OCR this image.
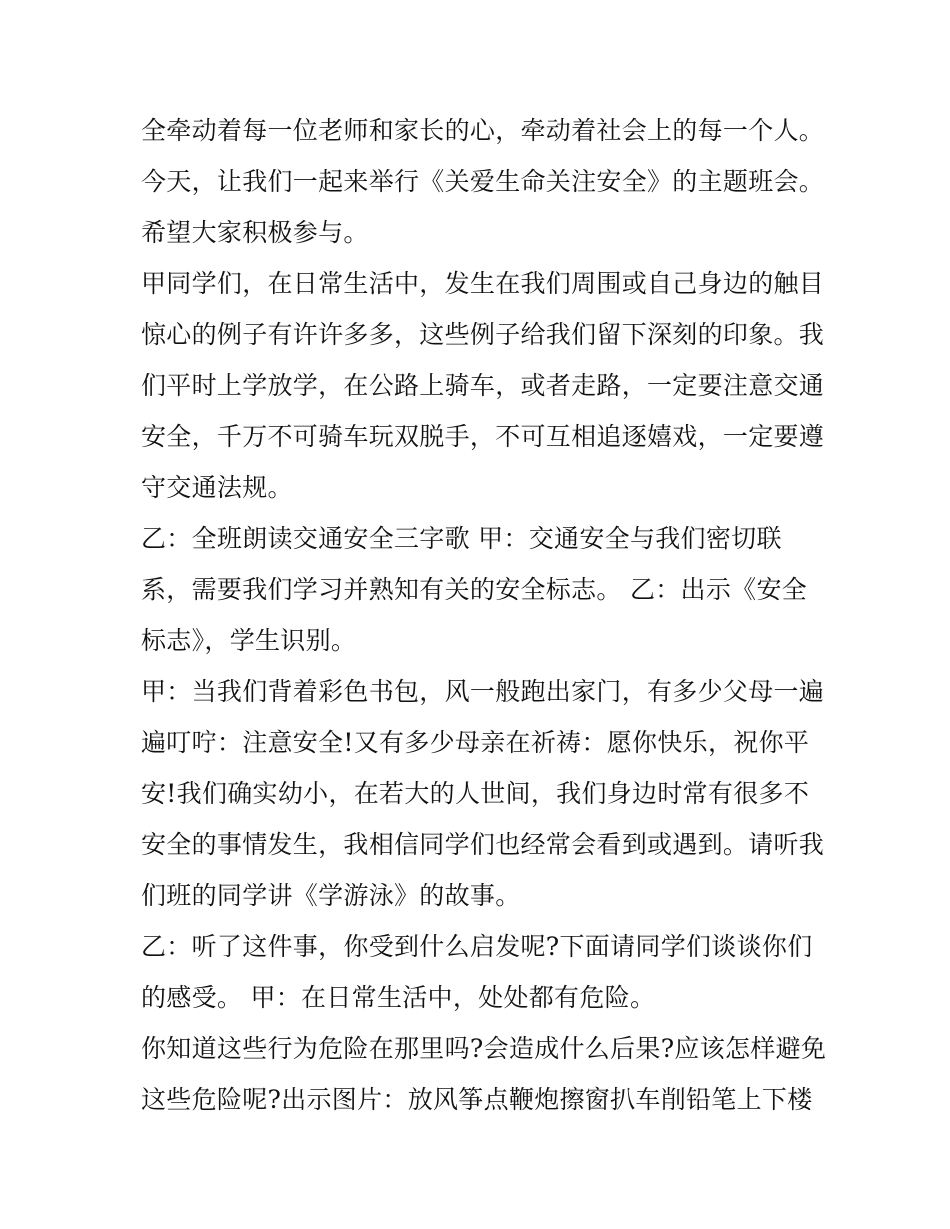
全牵动着每一位老师和家长的心，牵动着社会上的每一个人。
今天，让我们一起来举行《关爱生命关注安全》的主题班会。
希望大家积极参与。
甲同学们，在日常生活中，发生在我们周围或自己身边的触目
惊心的例子有许许多多，这些例子给我们留下深刻的印象。我
们平时上学放学，在公路上骑车，或者走路，一定要注意交通
安全，千万不可骑车玩双脱手，不可互相追逐嬉戏，一定要遵
守交通法规。
乙：全班朗读交通安全三字歌 甲：交通安全与我们密切联
系，需要我们学习并熟知有关的安全标志。 乙：出示《安全
标志》，学生识别。
甲：当我们背着彩色书包，风一般跑出家门，有多少父母一遍
遍叮咛：注意安全!又有多少母亲在祈祷：愿你快乐，祝你平
安!我们确实幼小，在若大的人世间，我们身边时常有很多不
安全的事情发生，我相信同学们也经常会看到或遇到。请听我
们班的同学讲《学游泳》的故事。
乙：听了这件事，你受到什么启发呢?下面请同学们谈谈你们
的感受。 甲：在日常生活中，处处都有危险。
你知道这些行为危险在那里吗?会造成什么后果?应该怎样避免
这些危险呢?出示图片：放风筝点鞭炮擦窗扒车削铅笔上下楼
